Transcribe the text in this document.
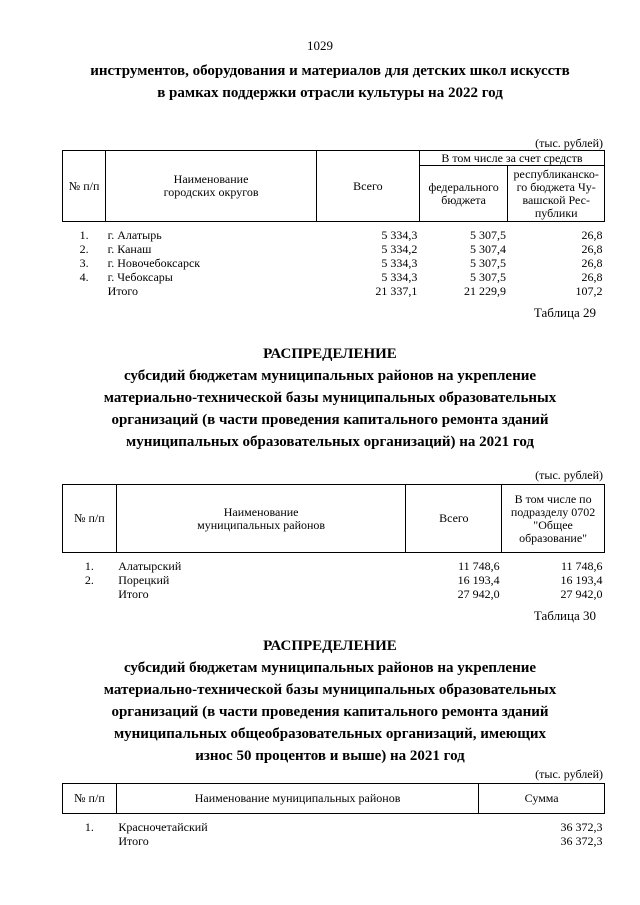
1029
инструментов, оборудования и материалов для детских школ искусств
в рамках поддержки отрасли культуры на 2022 год
(тыс. рублей)
№ п/п	Наименование городских округов	Всего	В том числе за счет средств	
			федерального бюджета	республиканско-го бюджета Чу-вашской Рес-публики

1.	г. Алатырь	5 334,3	5 307,5	26,8
2.	г. Канаш	5 334,2	5 307,4	26,8
3.	г. Новочебоксарск	5 334,3	5 307,5	26,8
4.	г. Чебоксары	5 334,3	5 307,5	26,8
	Итого	21 337,1	21 229,9	107,2
Таблица 29
РАСПРЕДЕЛЕНИЕ
субсидий бюджетам муниципальных районов на укрепление
материально-технической базы муниципальных образовательных
организаций (в части проведения капитального ремонта зданий
муниципальных образовательных организаций) на 2021 год
(тыс. рублей)
№ п/п	Наименование муниципальных районов	Всего	В том числе по подразделу 0702 "Общее образование"

1.	Алатырский	11 748,6	11 748,6
2.	Порецкий	16 193,4	16 193,4
	Итого	27 942,0	27 942,0
Таблица 30
РАСПРЕДЕЛЕНИЕ
субсидий бюджетам муниципальных районов на укрепление
материально-технической базы муниципальных образовательных
организаций (в части проведения капитального ремонта зданий
муниципальных общеобразовательных организаций, имеющих
износ 50 процентов и выше) на 2021 год
(тыс. рублей)
№ п/п	Наименование муниципальных районов	Сумма

1.	Красночетайский	36 372,3
	Итого	36 372,3
